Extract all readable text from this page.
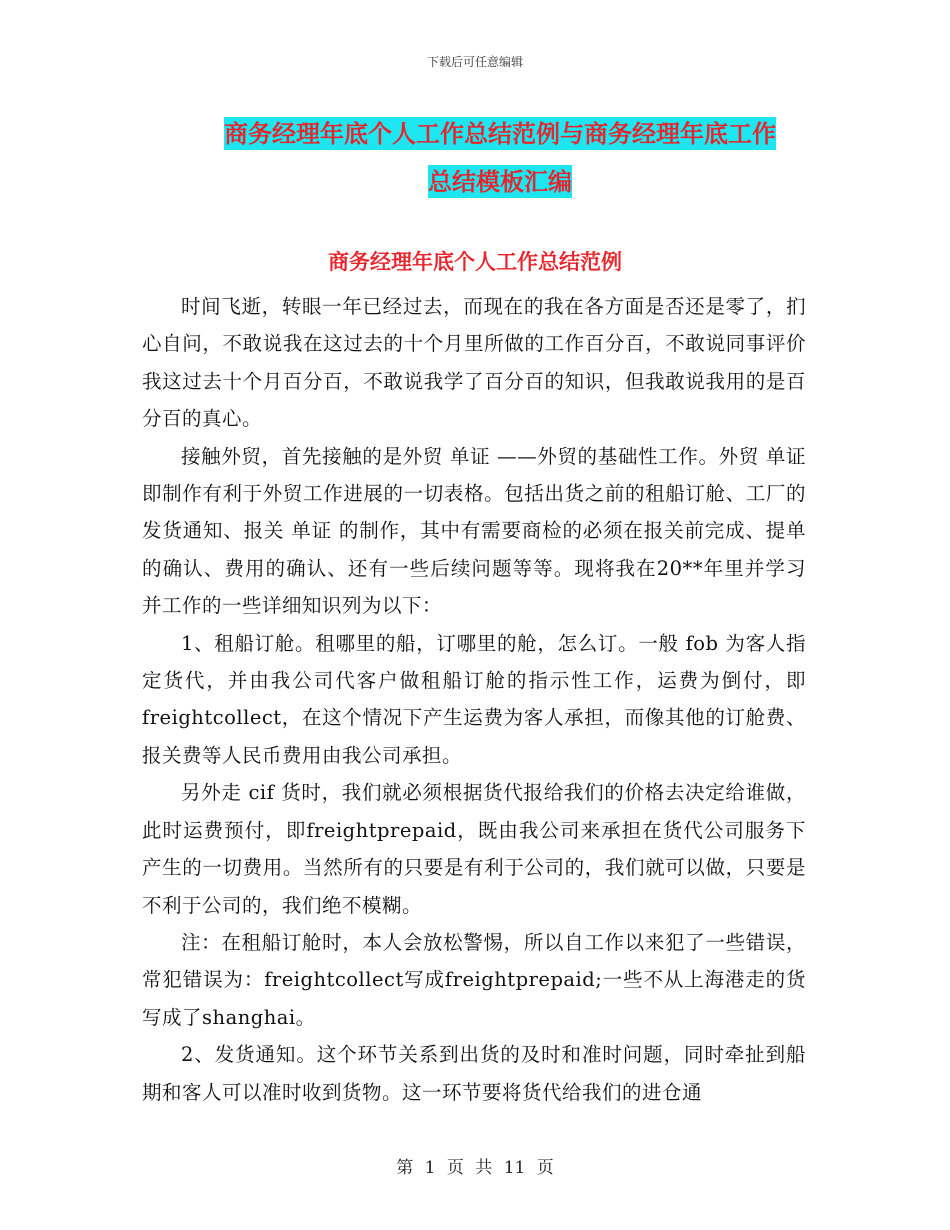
下载后可任意编辑
商务经理年底个人工作总结范例与商务经理年底工作
总结模板汇编
商务经理年底个人工作总结范例

时间飞逝，转眼一年已经过去，而现在的我在各方面是否还是零了，扪心自问，不敢说我在这过去的十个月里所做的工作百分百，不敢说同事评价我这过去十个月百分百，不敢说我学了百分百的知识，但我敢说我用的是百分百的真心。

接触外贸，首先接触的是外贸 单证 ——外贸的基础性工作。外贸 单证 即制作有利于外贸工作进展的一切表格。包括出货之前的租船订舱、工厂的发货通知、报关 单证 的制作，其中有需要商检的必须在报关前完成、提单的确认、费用的确认、还有一些后续问题等等。现将我在20**年里并学习并工作的一些详细知识列为以下：

1、租船订舱。租哪里的船，订哪里的舱，怎么订。一般 fob 为客人指定货代，并由我公司代客户做租船订舱的指示性工作，运费为倒付，即freightcollect，在这个情况下产生运费为客人承担，而像其他的订舱费、报关费等人民币费用由我公司承担。

另外走 cif 货时，我们就必须根据货代报给我们的价格去决定给谁做，此时运费预付，即freightprepaid，既由我公司来承担在货代公司服务下产生的一切费用。当然所有的只要是有利于公司的，我们就可以做，只要是不利于公司的，我们绝不模糊。

注：在租船订舱时，本人会放松警惕，所以自工作以来犯了一些错误，常犯错误为：freightcollect写成freightprepaid;一些不从上海港走的货写成了shanghai。

2、发货通知。这个环节关系到出货的及时和准时问题，同时牵扯到船期和客人可以准时收到货物。这一环节要将货代给我们的进仓通

第 1 页 共 11 页
